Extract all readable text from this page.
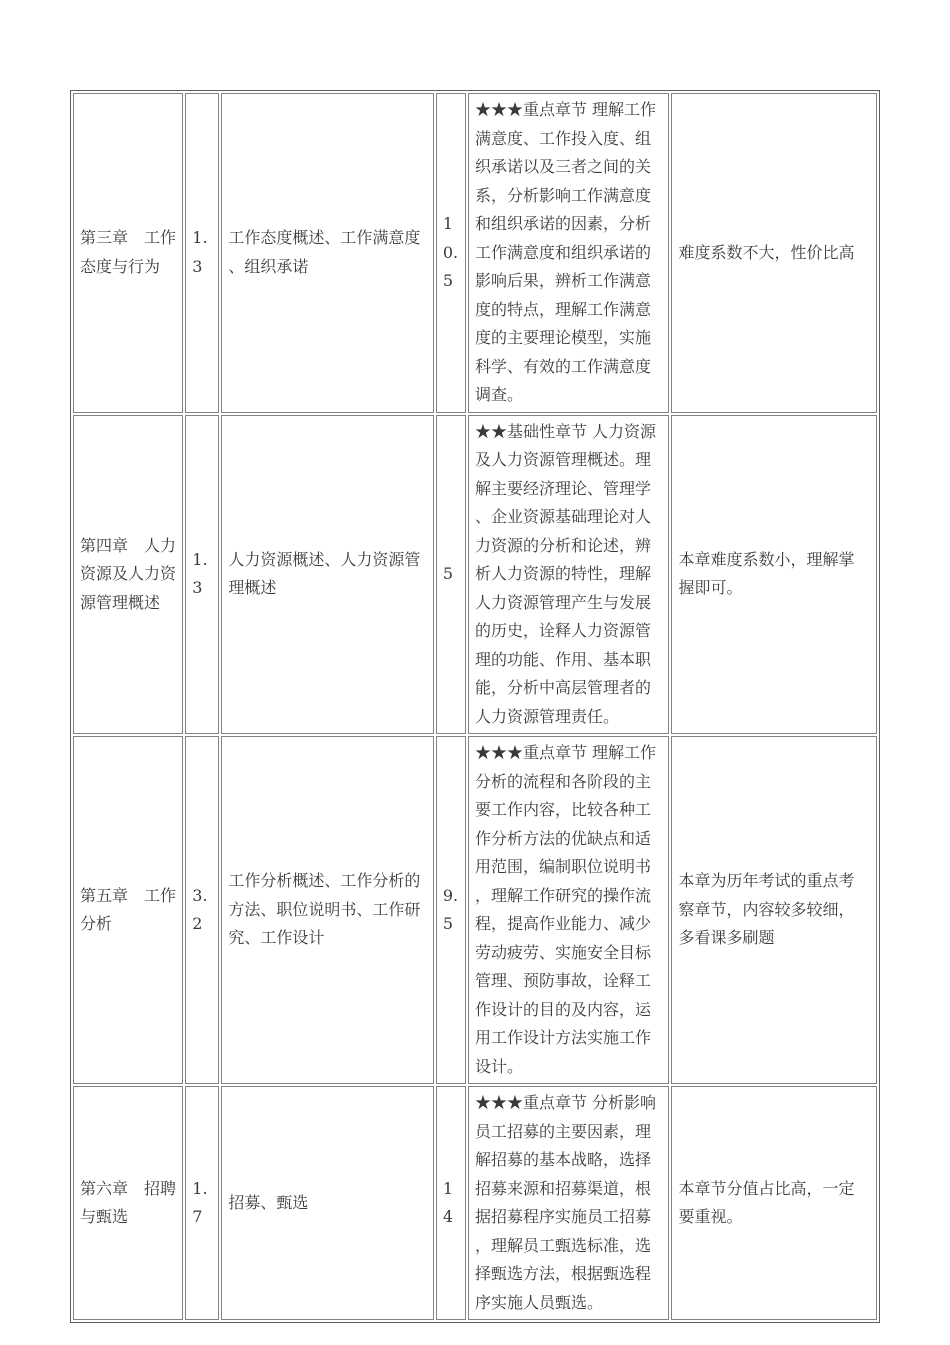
第三章　工作态度与行为	1.3	工作态度概述、工作满意度、组织承诺	10.5	★★★重点章节 理解工作满意度、工作投入度、组织承诺以及三者之间的关系，分析影响工作满意度和组织承诺的因素，分析工作满意度和组织承诺的影响后果，辨析工作满意度的特点，理解工作满意度的主要理论模型，实施科学、有效的工作满意度调查。	难度系数不大，性价比高
第四章　人力资源及人力资源管理概述	1.3	人力资源概述、人力资源管理概述	5	★★基础性章节 人力资源及人力资源管理概述。理解主要经济理论、管理学、企业资源基础理论对人力资源的分析和论述，辨析人力资源的特性，理解人力资源管理产生与发展的历史，诠释人力资源管理的功能、作用、基本职能，分析中高层管理者的人力资源管理责任。	本章难度系数小，理解掌握即可。
第五章　工作分析	3.2	工作分析概述、工作分析的方法、职位说明书、工作研究、工作设计	9.5	★★★重点章节 理解工作分析的流程和各阶段的主要工作内容，比较各种工作分析方法的优缺点和适用范围，编制职位说明书，理解工作研究的操作流程，提高作业能力、减少劳动疲劳、实施安全目标管理、预防事故，诠释工作设计的目的及内容，运用工作设计方法实施工作设计。	本章为历年考试的重点考察章节，内容较多较细，多看课多刷题
第六章　招聘与甄选	1.7	招募、甄选	14	★★★重点章节 分析影响员工招募的主要因素，理解招募的基本战略，选择招募来源和招募渠道，根据招募程序实施员工招募，理解员工甄选标准，选择甄选方法，根据甄选程序实施人员甄选。	本章节分值占比高，一定要重视。
